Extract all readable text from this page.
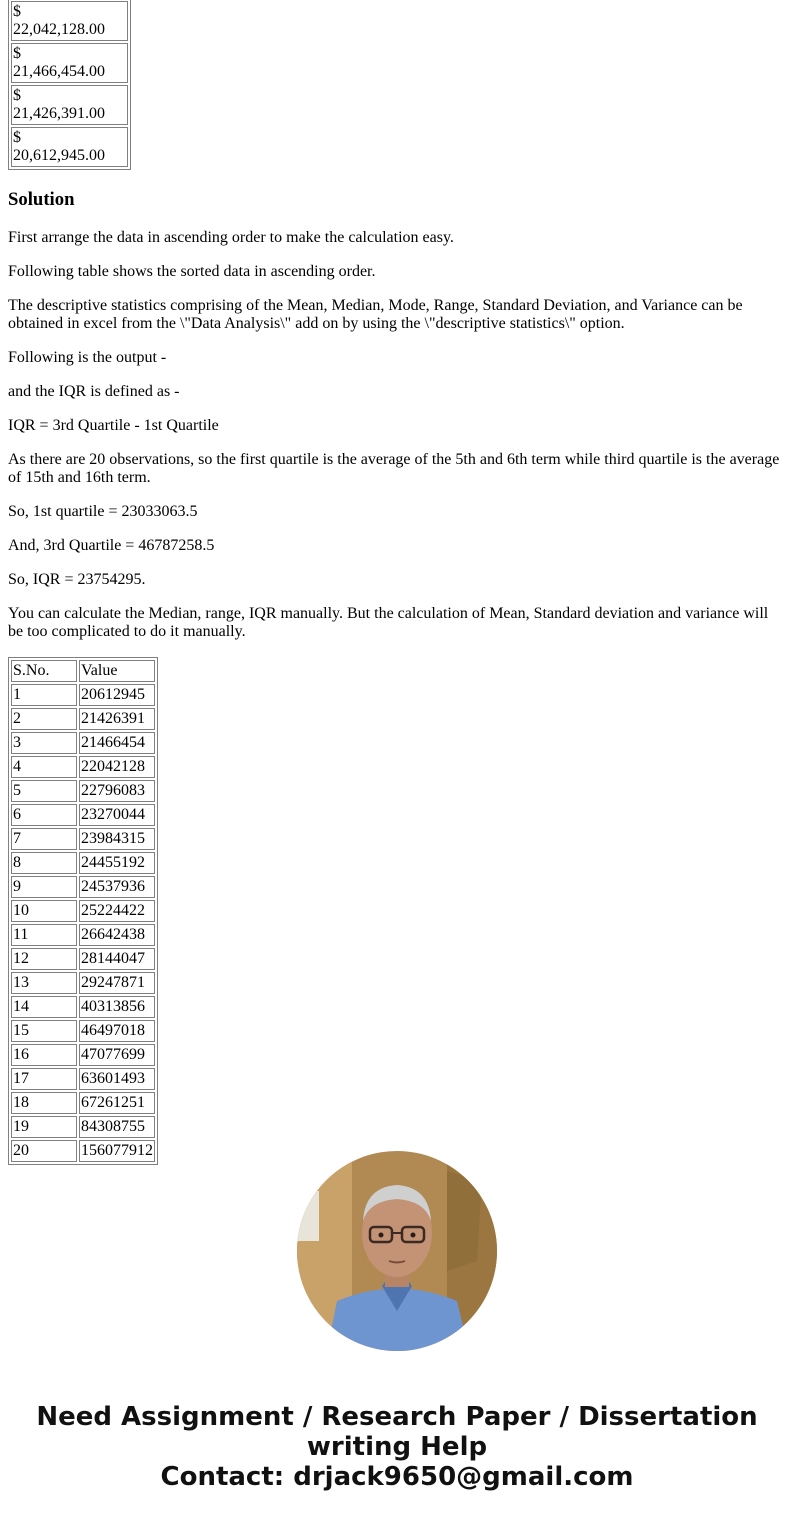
$
22,042,128.00
$
21,466,454.00
$
21,426,391.00
$
20,612,945.00
Solution

First arrange the data in ascending order to make the calculation easy.

Following table shows the sorted data in ascending order.

The descriptive statistics comprising of the Mean, Median, Mode, Range, Standard Deviation, and Variance can be obtained in excel from the \"Data Analysis\" add on by using the \"descriptive statistics\" option.

Following is the output -

and the IQR is defined as -

IQR = 3rd Quartile - 1st Quartile

As there are 20 observations, so the first quartile is the average of the 5th and 6th term while third quartile is the average of 15th and 16th term.

So, 1st quartile = 23033063.5

And, 3rd Quartile = 46787258.5

So, IQR = 23754295.

You can calculate the Median, range, IQR manually. But the calculation of Mean, Standard deviation and variance will be too complicated to do it manually.

S.No.	Value
1	20612945
2	21426391
3	21466454
4	22042128
5	22796083
6	23270044
7	23984315
8	24455192
9	24537936
10	25224422
11	26642438
12	28144047
13	29247871
14	40313856
15	46497018
16	47077699
17	63601493
18	67261251
19	84308755
20	156077912
Need Assignment / Research Paper / Dissertation
writing Help
Contact: drjack9650@gmail.com
